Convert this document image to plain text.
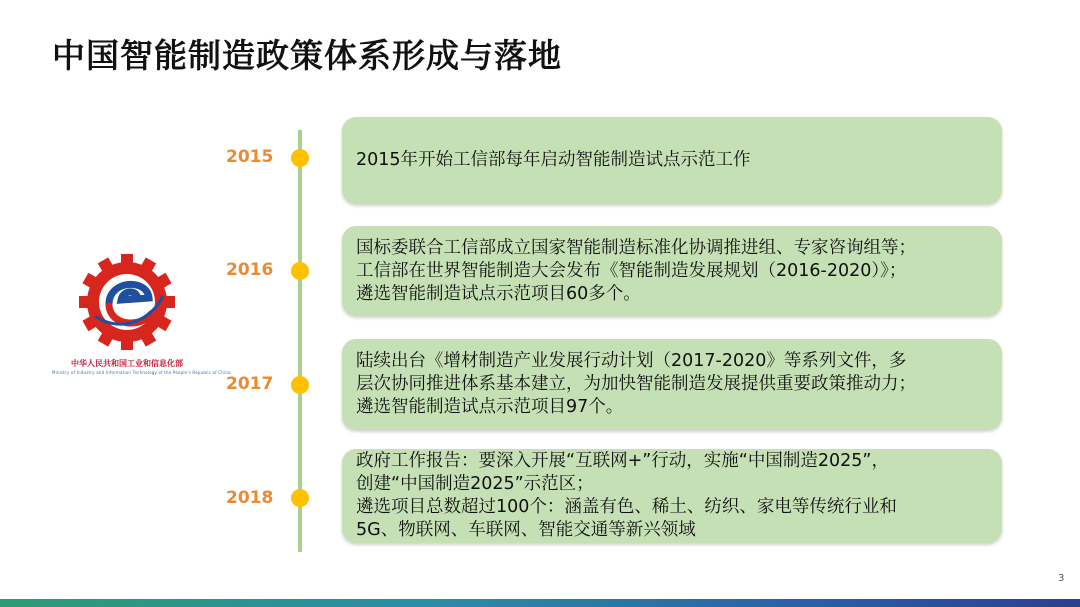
中国智能制造政策体系形成与落地
中华人民共和国工业和信息化部
Ministry of Industry and Information Technology of the People's Republic of China
2015	2015年开始工信部每年启动智能制造试点示范工作
2016
国标委联合工信部成立国家智能制造标准化协调推进组、专家咨询组等；
工信部在世界智能制造大会发布《智能制造发展规划（2016-2020）》；
遴选智能制造试点示范项目60多个。
2017
陆续出台《增材制造产业发展行动计划（2017-2020》等系列文件，多
层次协同推进体系基本建立，为加快智能制造发展提供重要政策推动力；
遴选智能制造试点示范项目97个。
2018
政府工作报告：要深入开展“互联网+”行动，实施“中国制造2025”，
创建“中国制造2025”示范区；
遴选项目总数超过100个：涵盖有色、稀土、纺织、家电等传统行业和
5G、物联网、车联网、智能交通等新兴领域
3
